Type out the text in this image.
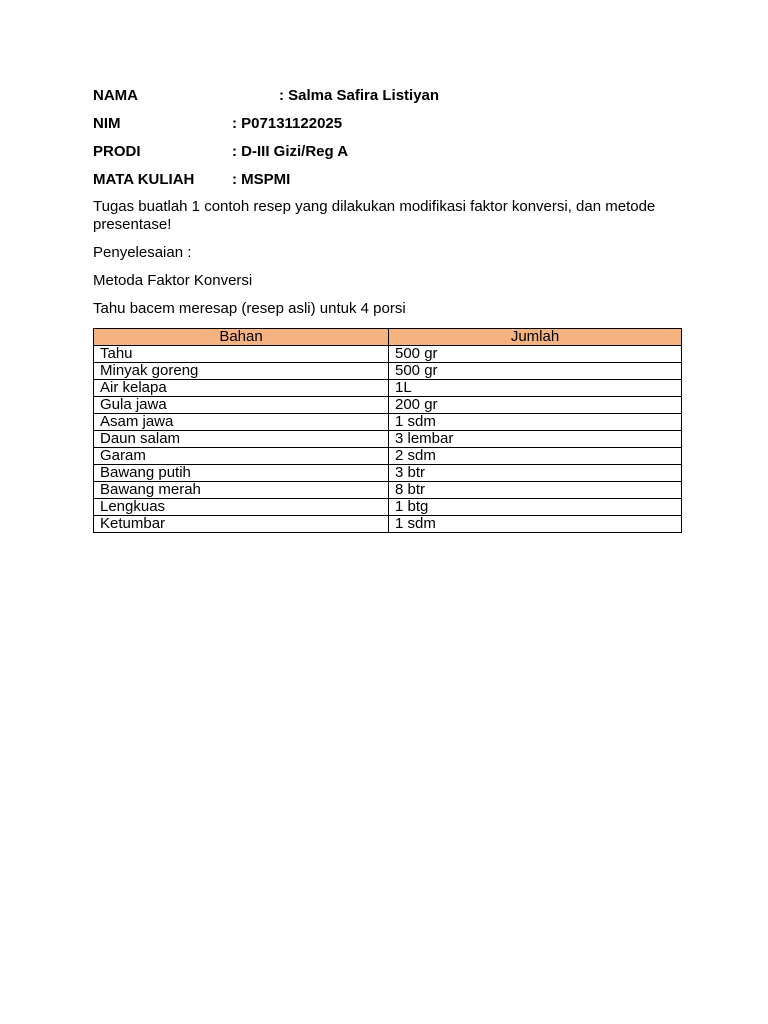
NAMA	: Salma Safira Listiyan
NIM	: P07131122025
PRODI	: D-III Gizi/Reg A
MATA KULIAH	: MSPMI

Tugas buatlah 1 contoh resep yang dilakukan modifikasi faktor konversi, dan metode presentase!

Penyelesaian :

Metoda Faktor Konversi

Tahu bacem meresap (resep asli) untuk 4 porsi

Bahan	Jumlah
Tahu	500 gr
Minyak goreng	500 gr
Air kelapa	1L
Gula jawa	200 gr
Asam jawa	1 sdm
Daun salam	3 lembar
Garam	2 sdm
Bawang putih	3 btr
Bawang merah	8 btr
Lengkuas	1 btg
Ketumbar	1 sdm
